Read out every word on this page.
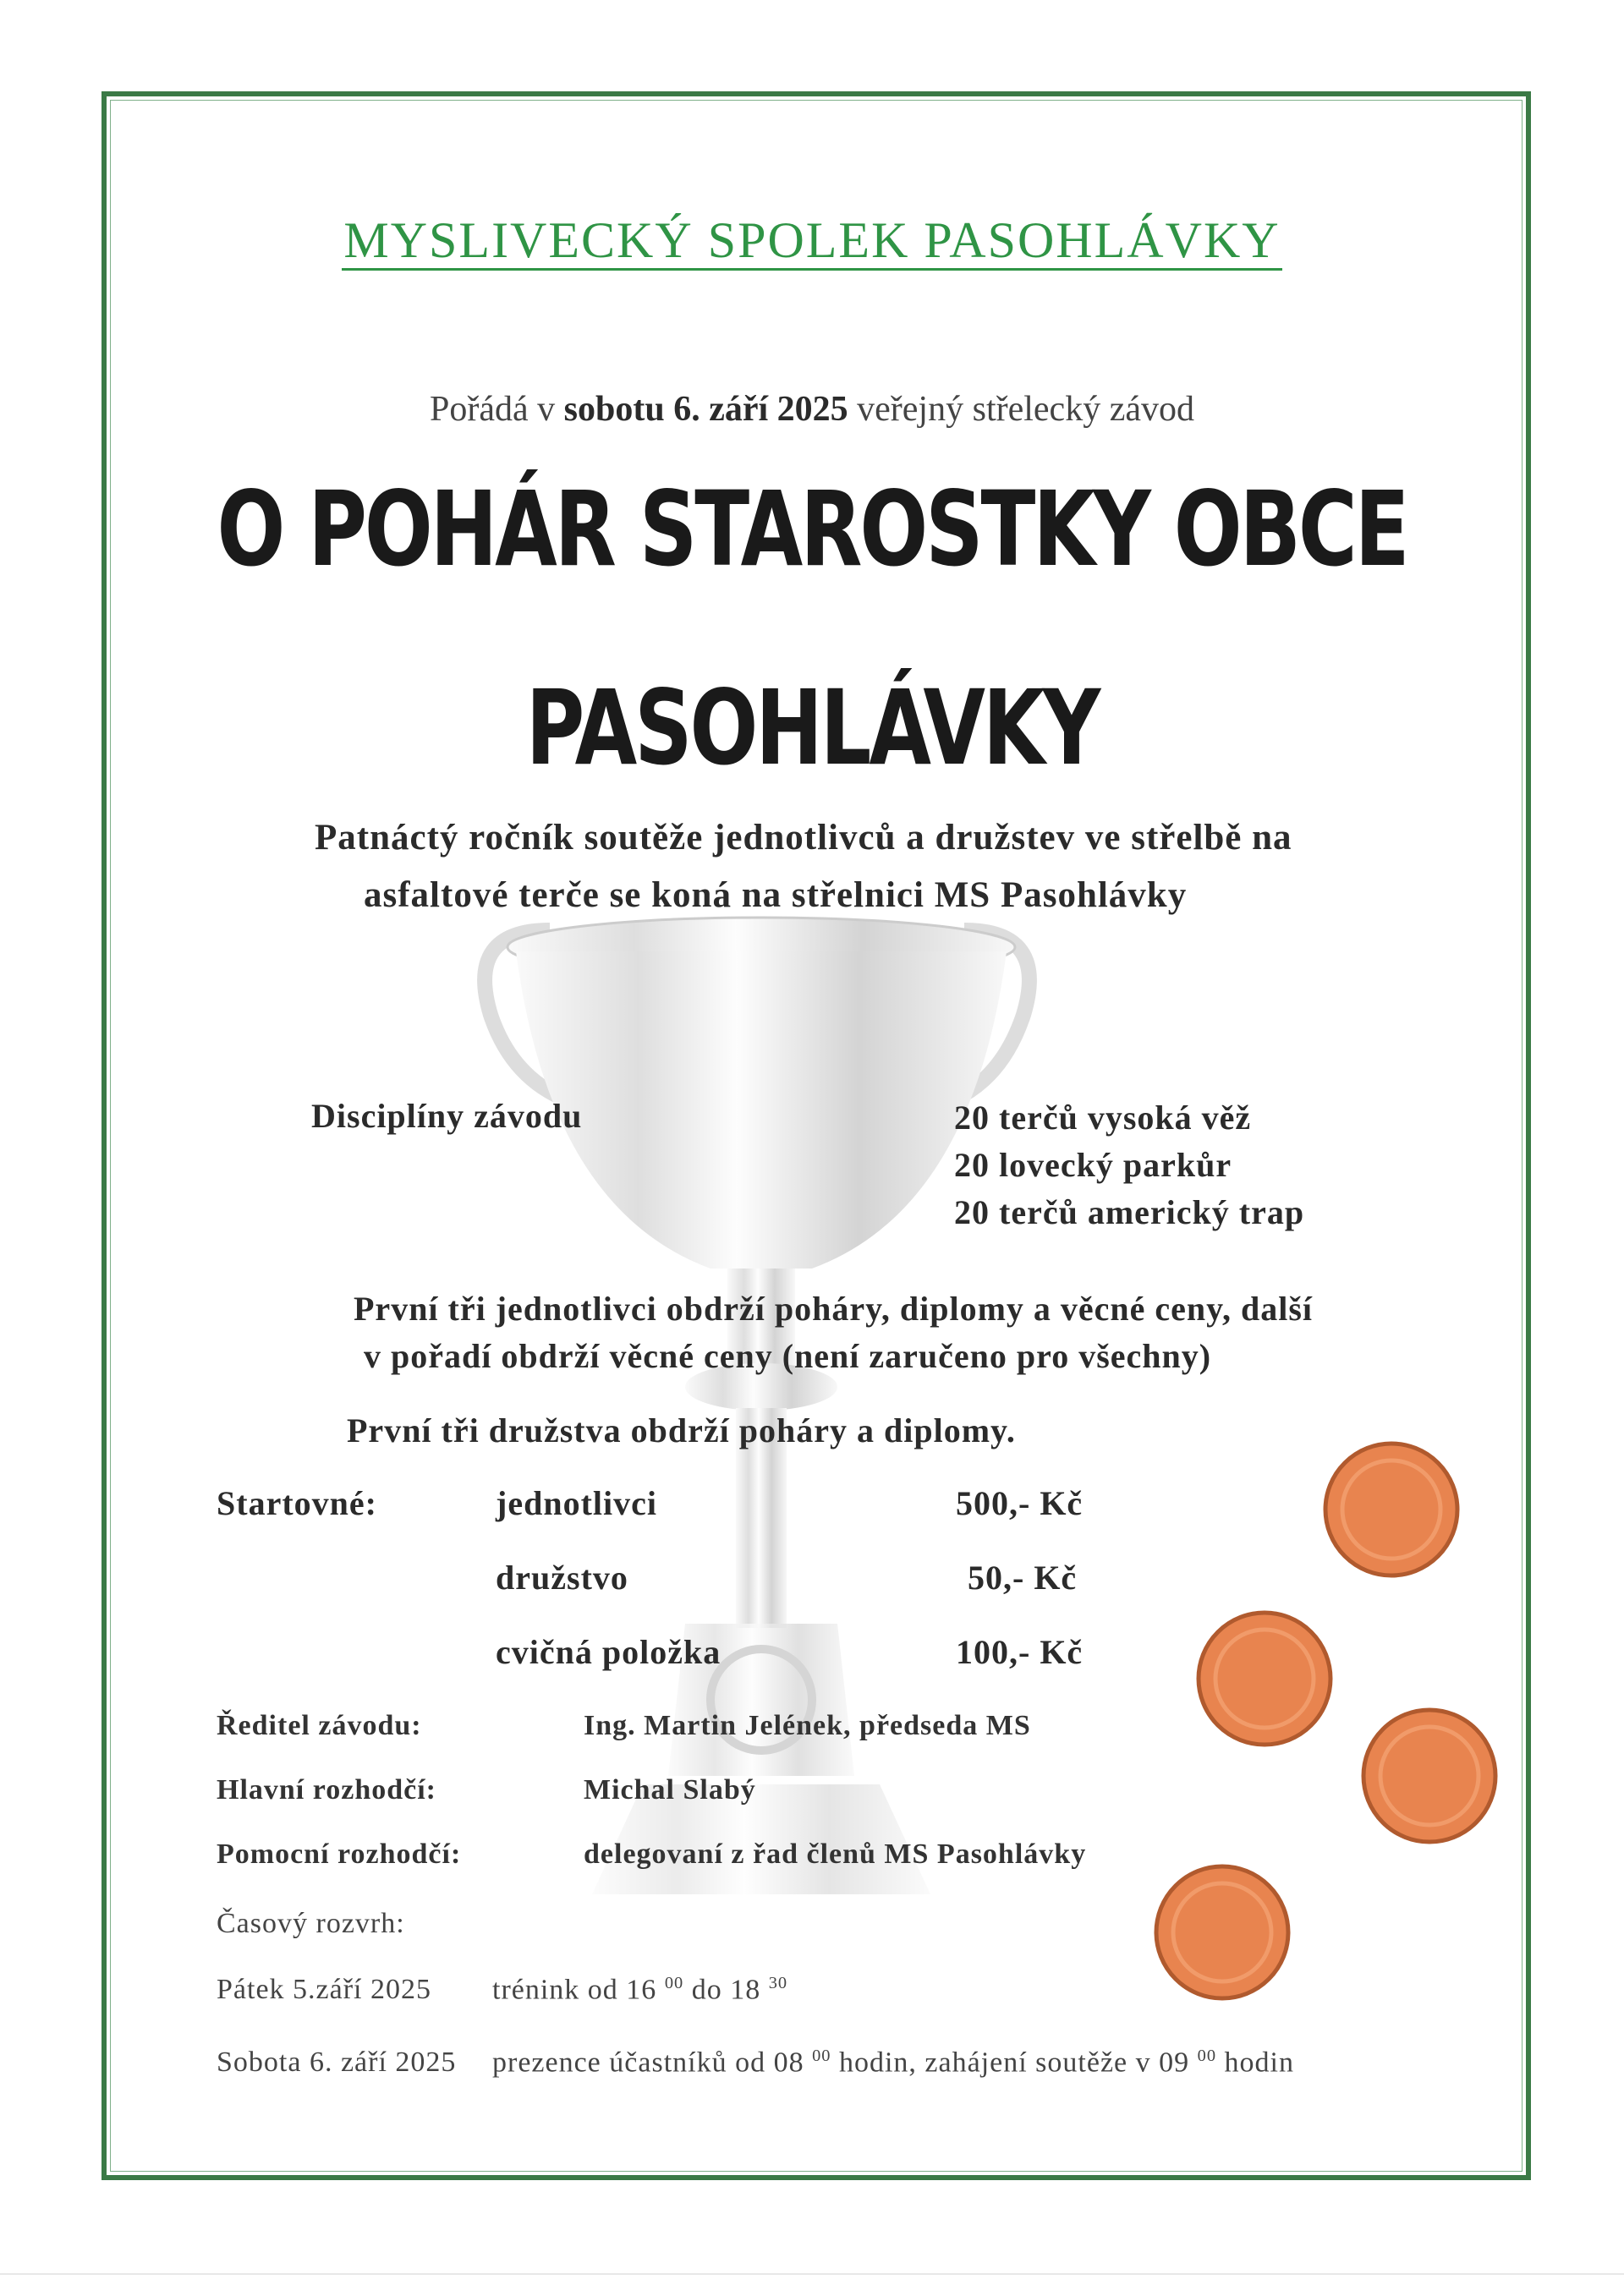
MYSLIVECKÝ SPOLEK PASOHLÁVKY
Pořádá v sobotu 6. září 2025 veřejný střelecký závod
O POHÁR STAROSTKY OBCE
PASOHLÁVKY
Patnáctý ročník soutěže jednotlivců a družstev ve střelbě na
asfaltové terče se koná na střelnici MS Pasohlávky
Disciplíny závodu	20 terčů vysoká věž
20 lovecký parkůr
20 terčů americký trap
První tři jednotlivci obdrží poháry, diplomy a věcné ceny, další
v pořadí obdrží věcné ceny (není zaručeno pro všechny)
První tři družstva obdrží poháry a diplomy.
Startovné:	jednotlivci	500,- Kč
družstvo	50,- Kč
cvičná položka	100,- Kč
Ředitel závodu:	Ing. Martin Jelének, předseda MS
Hlavní rozhodčí:	Michal Slabý
Pomocní rozhodčí:	delegovaní z řad členů MS Pasohlávky
Časový rozvrh:
Pátek 5.září 2025 trénink od 16 $^{00}$ do 18 $^{30}$
Sobota 6. září 2025 prezence účastníků od 08 $^{00}$ hodin, zahájení soutěže v 09 $^{00}$ hodin
